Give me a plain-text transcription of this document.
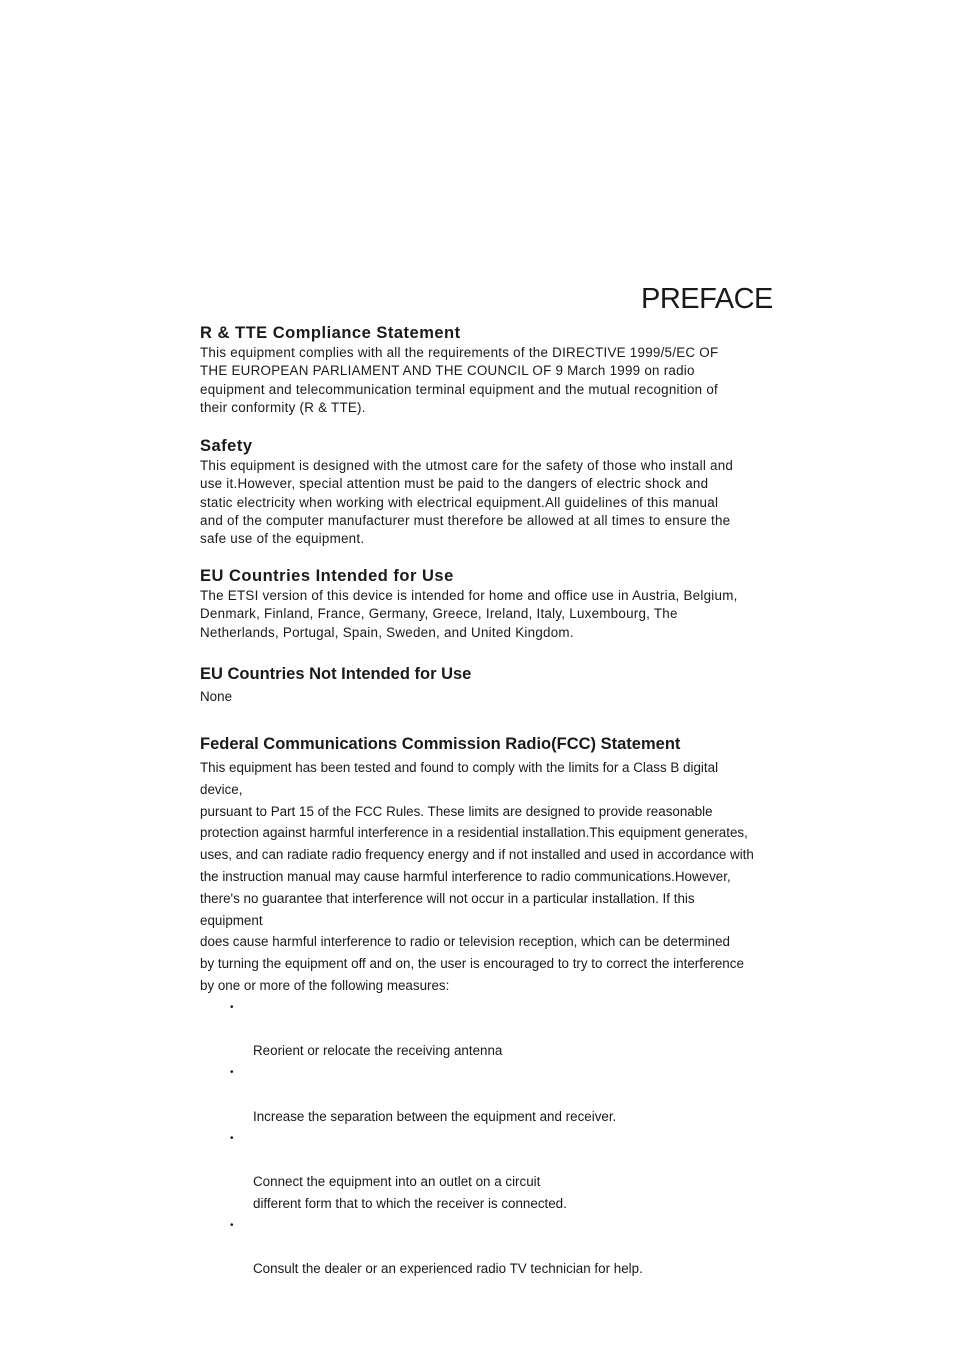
PREFACE
R & TTE Compliance Statement

This equipment complies with all the requirements of the DIRECTIVE 1999/5/EC OF
THE EUROPEAN PARLIAMENT AND THE COUNCIL OF 9 March 1999 on radio
equipment and telecommunication terminal equipment and the mutual recognition of
their conformity (R & TTE).

Safety

This equipment is designed with the utmost care for the safety of those who install and
use it.However, special attention must be paid to the dangers of electric shock and
static electricity when working with electrical equipment.All guidelines of this manual
and of the computer manufacturer must therefore be allowed at all times to ensure the
safe use of the equipment.

EU Countries Intended for Use

The ETSI version of this device is intended for home and office use in Austria, Belgium,
Denmark, Finland, France, Germany, Greece, Ireland, Italy, Luxembourg, The
Netherlands, Portugal, Spain, Sweden, and United Kingdom.

EU Countries Not Intended for Use

None

Federal Communications Commission Radio(FCC) Statement

This equipment has been tested and found to comply with the limits for a Class B digital device,
pursuant to Part 15 of the FCC Rules. These limits are designed to provide reasonable
protection against harmful interference in a residential installation.This equipment generates,
uses, and can radiate radio frequency energy and if not installed and used in accordance with
the instruction manual may cause harmful interference to radio communications.However,
there's no guarantee that interference will not occur in a particular installation. If this equipment
does cause harmful interference to radio or television reception, which can be determined
by turning the equipment off and on, the user is encouraged to try to correct the interference
by one or more of the following measures:

•

Reorient or relocate the receiving antenna

•

Increase the separation between the equipment and receiver.

•

Connect the equipment into an outlet on a circuit
different form that to which the receiver is connected.

•

Consult the dealer or an experienced radio TV technician for help.
